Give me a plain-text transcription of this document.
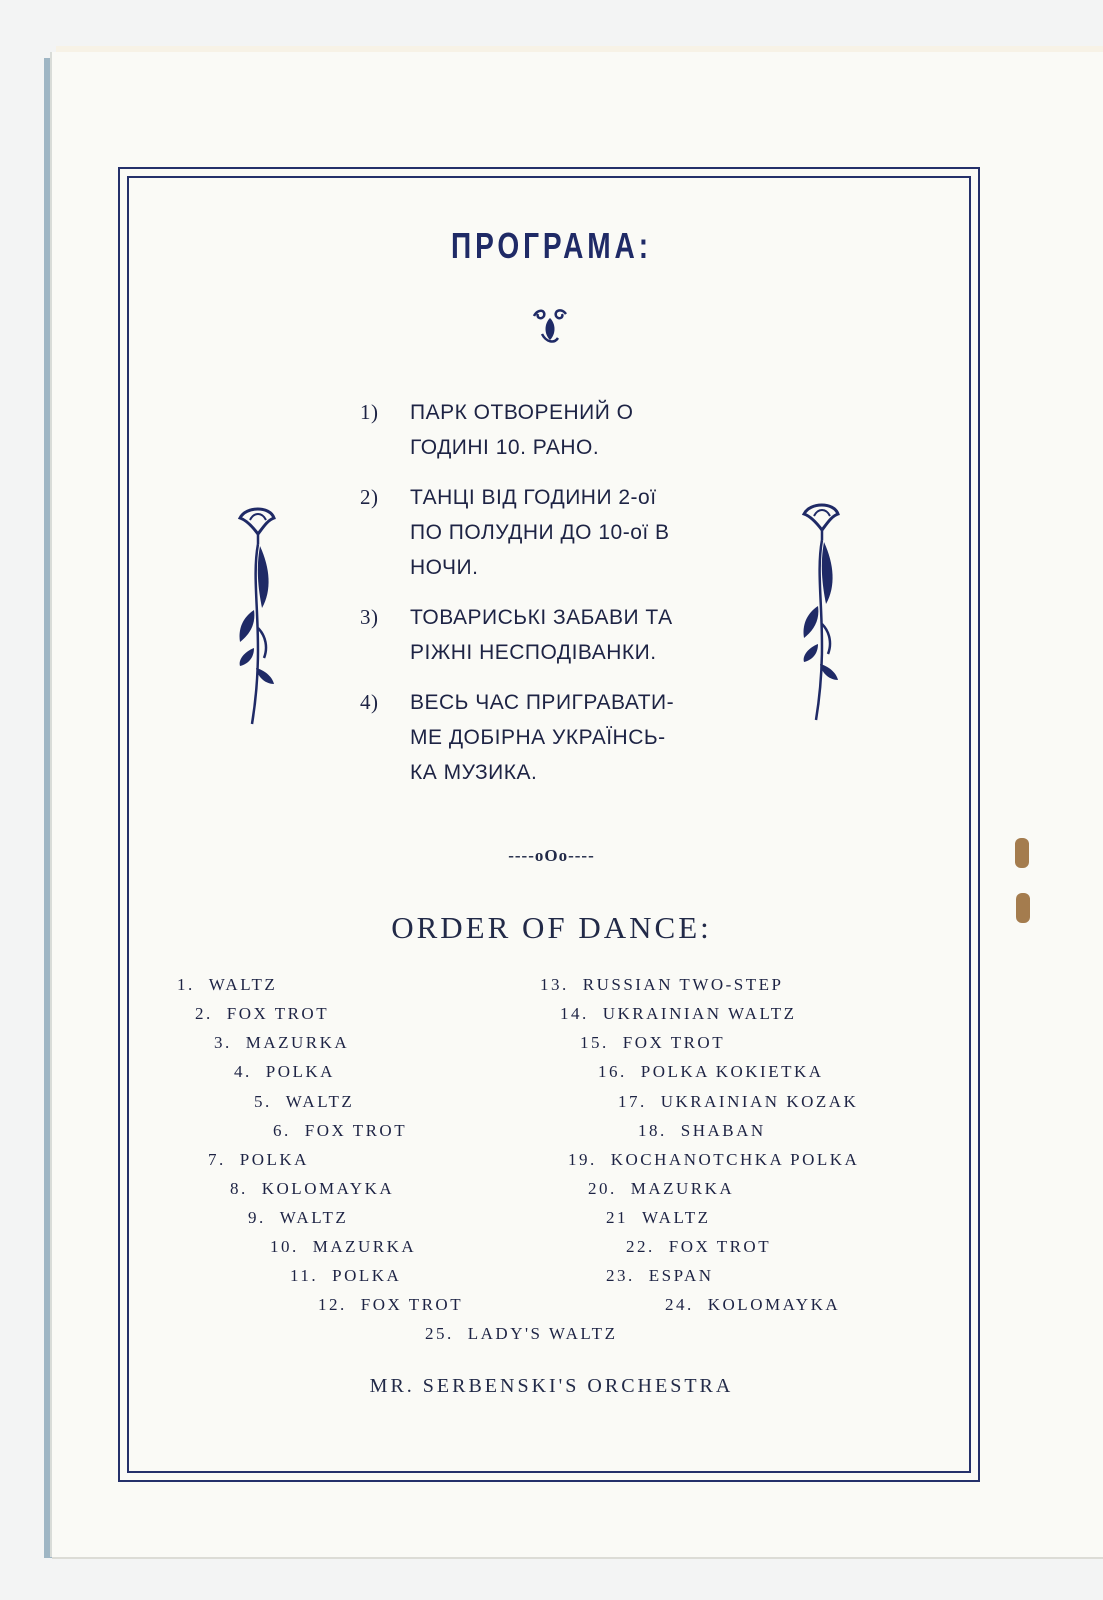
ПРОГРАМА:
1) ПАРК ОТВОРЕНИЙ О
ГОДИНІ 10. РАНО.
2) ТАНЦІ ВІД ГОДИНИ 2-ої
ПО ПОЛУДНИ ДО 10-ої В
НОЧИ.
3) ТОВАРИСЬКІ ЗАБАВИ ТА
РІЖНІ НЕСПОДІВАНКИ.
4) ВЕСЬ ЧАС ПРИГРАВАТИ-
МЕ ДОБІРНА УКРАЇНСЬ-
КА МУЗИКА.
----oOo----
ORDER OF DANCE:
1. WALTZ
2. FOX TROT
3. MAZURKA
4. POLKA
5. WALTZ
6. FOX TROT
7. POLKA
8. KOLOMAYKA
9. WALTZ
10. MAZURKA
11. POLKA
12. FOX TROT
13. RUSSIAN TWO-STEP
14. UKRAINIAN WALTZ
15. FOX TROT
16. POLKA KOKIETKA
17. UKRAINIAN KOZAK
18. SHABAN
19. KOCHANOTCHKA POLKA
20. MAZURKA
21 WALTZ
22. FOX TROT
23. ESPAN
24. KOLOMAYKA
25. LADY'S WALTZ
MR. SERBENSKI'S ORCHESTRA
